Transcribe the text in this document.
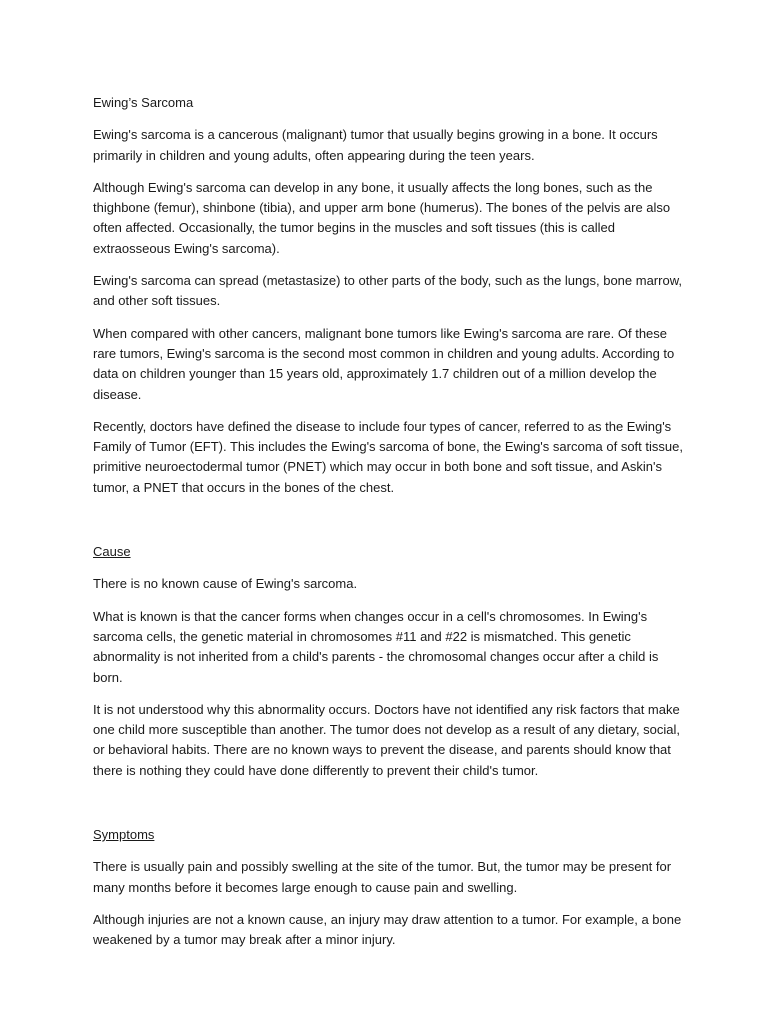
Ewing’s Sarcoma

Ewing's sarcoma is a cancerous (malignant) tumor that usually begins growing in a bone. It occurs primarily in children and young adults, often appearing during the teen years.

Although Ewing's sarcoma can develop in any bone, it usually affects the long bones, such as the thighbone (femur), shinbone (tibia), and upper arm bone (humerus). The bones of the pelvis are also often affected. Occasionally, the tumor begins in the muscles and soft tissues (this is called extraosseous Ewing's sarcoma).

Ewing's sarcoma can spread (metastasize) to other parts of the body, such as the lungs, bone marrow, and other soft tissues.

When compared with other cancers, malignant bone tumors like Ewing's sarcoma are rare. Of these rare tumors, Ewing's sarcoma is the second most common in children and young adults. According to data on children younger than 15 years old, approximately 1.7 children out of a million develop the disease.

Recently, doctors have defined the disease to include four types of cancer, referred to as the Ewing's Family of Tumor (EFT). This includes the Ewing's sarcoma of bone, the Ewing's sarcoma of soft tissue, primitive neuroectodermal tumor (PNET) which may occur in both bone and soft tissue, and Askin's tumor, a PNET that occurs in the bones of the chest.

Cause

There is no known cause of Ewing's sarcoma.

What is known is that the cancer forms when changes occur in a cell's chromosomes. In Ewing's sarcoma cells, the genetic material in chromosomes #11 and #22 is mismatched. This genetic abnormality is not inherited from a child's parents - the chromosomal changes occur after a child is born.

It is not understood why this abnormality occurs. Doctors have not identified any risk factors that make one child more susceptible than another. The tumor does not develop as a result of any dietary, social, or behavioral habits. There are no known ways to prevent the disease, and parents should know that there is nothing they could have done differently to prevent their child's tumor.

Symptoms

There is usually pain and possibly swelling at the site of the tumor. But, the tumor may be present for many months before it becomes large enough to cause pain and swelling.

Although injuries are not a known cause, an injury may draw attention to a tumor. For example, a bone weakened by a tumor may break after a minor injury.
